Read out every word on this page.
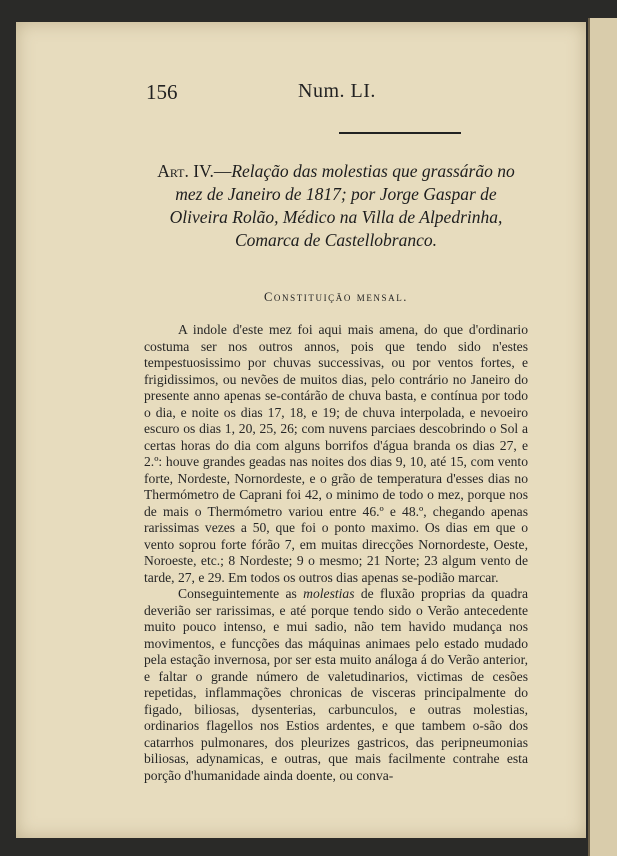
156	Num. LI.
Art. IV.—Relação das molestias que grassárão no mez de Janeiro de 1817; por Jorge Gaspar de Oliveira Rolão, Médico na Villa de Alpedrinha, Comarca de Castellobranco.
Constituição mensal.

A indole d'este mez foi aqui mais amena, do que d'ordinario costuma ser nos outros annos, pois que tendo sido n'estes tempestuosissimo por chuvas successivas, ou por ventos fortes, e frigidissimos, ou nevões de muitos dias, pelo contrário no Janeiro do presente anno apenas se-contárão de chuva basta, e contínua por todo o dia, e noite os dias 17, 18, e 19; de chuva interpolada, e nevoeiro escuro os dias 1, 20, 25, 26; com nuvens parciaes descobrindo o Sol a certas horas do dia com alguns borrifos d'água branda os dias 27, e 2.º: houve grandes geadas nas noites dos dias 9, 10, até 15, com vento forte, Nordeste, Nornordeste, e o grão de temperatura d'esses dias no Thermómetro de Caprani foi 42, o minimo de todo o mez, porque nos de mais o Thermómetro variou entre 46.º e 48.º, chegando apenas rarissimas vezes a 50, que foi o ponto maximo. Os dias em que o vento soprou forte fórão 7, em muitas direcções Nornordeste, Oeste, Noroeste, etc.; 8 Nordeste; 9 o mesmo; 21 Norte; 23 algum vento de tarde, 27, e 29. Em todos os outros dias apenas se-podião marcar.

Conseguintemente as molestias de fluxão proprias da quadra deverião ser rarissimas, e até porque tendo sido o Verão antecedente muito pouco intenso, e mui sadio, não tem havido mudança nos movimentos, e funcções das máquinas animaes pelo estado mudado pela estação invernosa, por ser esta muito análoga á do Verão anterior, e faltar o grande número de valetudinarios, victimas de cesões repetidas, inflammações chronicas de visceras principalmente do figado, biliosas, dysenterias, carbunculos, e outras molestias, ordinarios flagellos nos Estios ardentes, e que tambem o-são dos catarrhos pulmonares, dos pleurizes gastricos, das peripneumonias biliosas, adynamicas, e outras, que mais facilmente contrahe esta porção d'humanidade ainda doente, ou conva-
